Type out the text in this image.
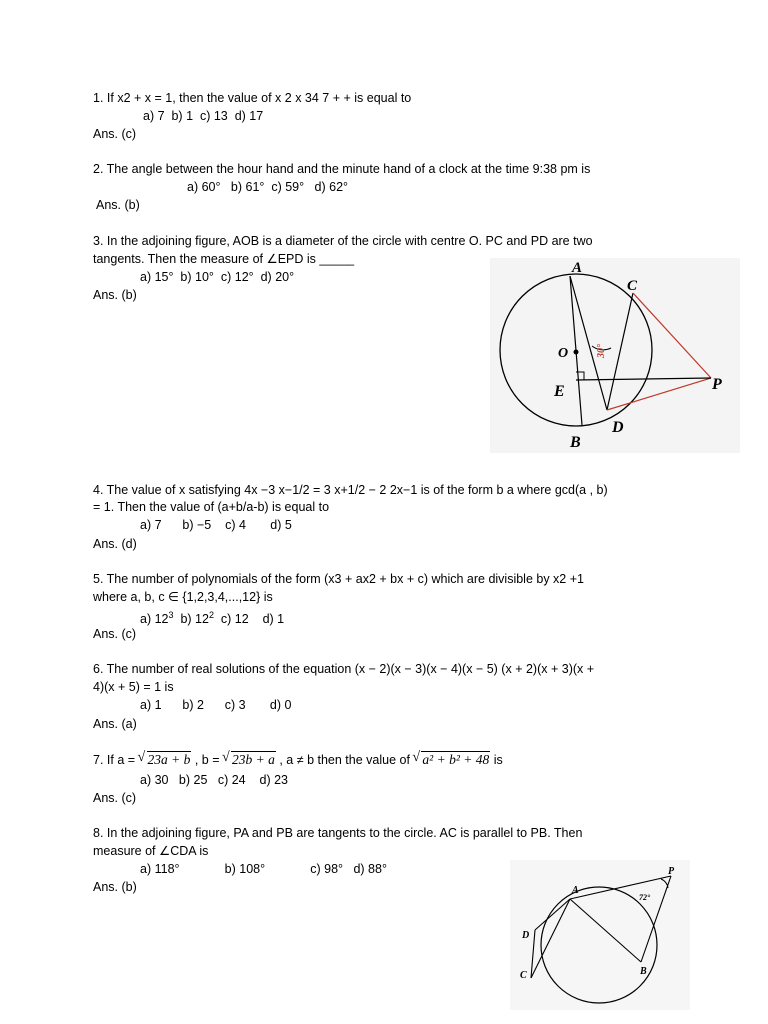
1. If x2 + x = 1, then the value of x 2 x 34 7 + + is equal to
a) 7  b) 1  c) 13  d) 17
Ans. (c)
2. The angle between the hour hand and the minute hand of a clock at the time 9:38 pm is
a) 60°   b) 61°  c) 59°   d) 62°
Ans. (b)
3. In the adjoining figure, AOB is a diameter of the circle with centre O. PC and PD are two
tangents. Then the measure of ∠EPD is _____
a) 15°  b) 10°  c) 12°  d) 20°
Ans. (b)
A
C
O
E	P
D
B
30°
4. The value of x satisfying 4x −3 x−1/2 = 3 x+1/2 − 2 2x−1 is of the form b a where gcd(a , b)
= 1. Then the value of (a+b/a-b) is equal to
a) 7      b) −5    c) 4       d) 5
Ans. (d)
5. The number of polynomials of the form (x3 + ax2 + bx + c) which are divisible by x2 +1
where a, b, c ∈ {1,2,3,4,...,12} is
a) $12^3$  b) $12^2$  c) 12    d) 1
Ans. (c)
6. The number of real solutions of the equation (x − 2)(x − 3)(x − 4)(x − 5) (x + 2)(x + 3)(x +
4)(x + 5) = 1 is
a) 1      b) 2      c) 3       d) 0
Ans. (a)
7. If a = √ 23a + b , b = √ 23b + a , a ≠ b then the value of √ a² + b² + 48 is
a) 30   b) 25   c) 24    d) 23
Ans. (c)
8. In the adjoining figure, PA and PB are tangents to the circle. AC is parallel to PB. Then
measure of ∠CDA is
a) 118°             b) 108°             c) 98°   d) 88°
Ans. (b)
P
A
D
C	B
72°
